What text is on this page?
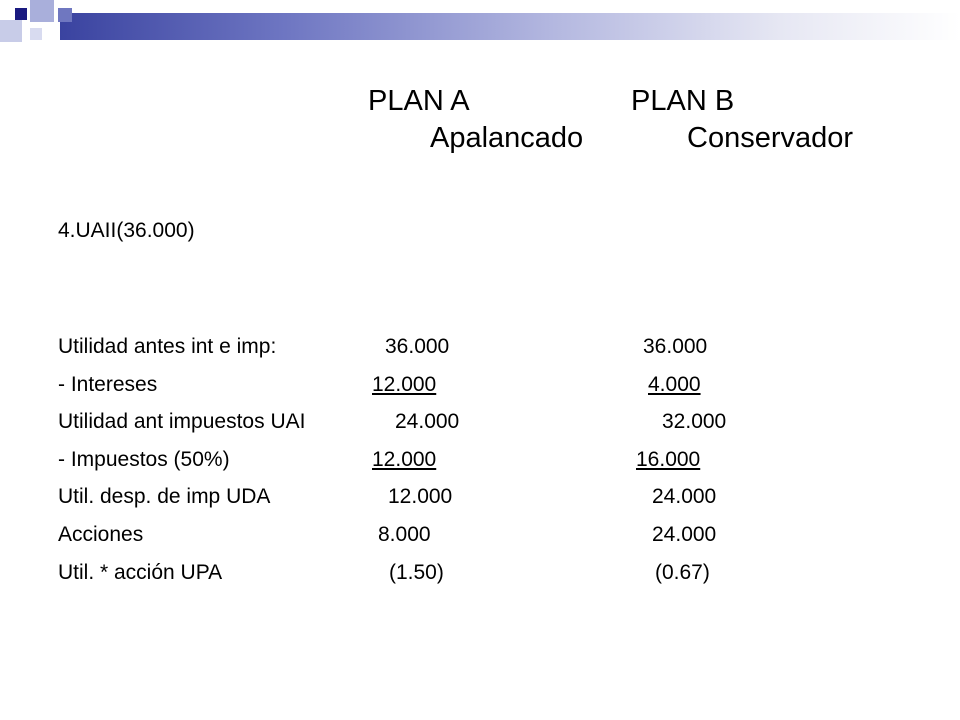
PLAN A	PLAN B
Apalancado	Conservador
4.UAII(36.000)
Utilidad antes int e imp:	36.000	36.000
- Intereses	12.000	4.000
Utilidad ant impuestos UAI	24.000	32.000
- Impuestos (50%)	12.000	16.000
Util. desp. de imp UDA	12.000	24.000
Acciones	8.000	24.000
Util. * acción UPA	(1.50)	(0.67)
